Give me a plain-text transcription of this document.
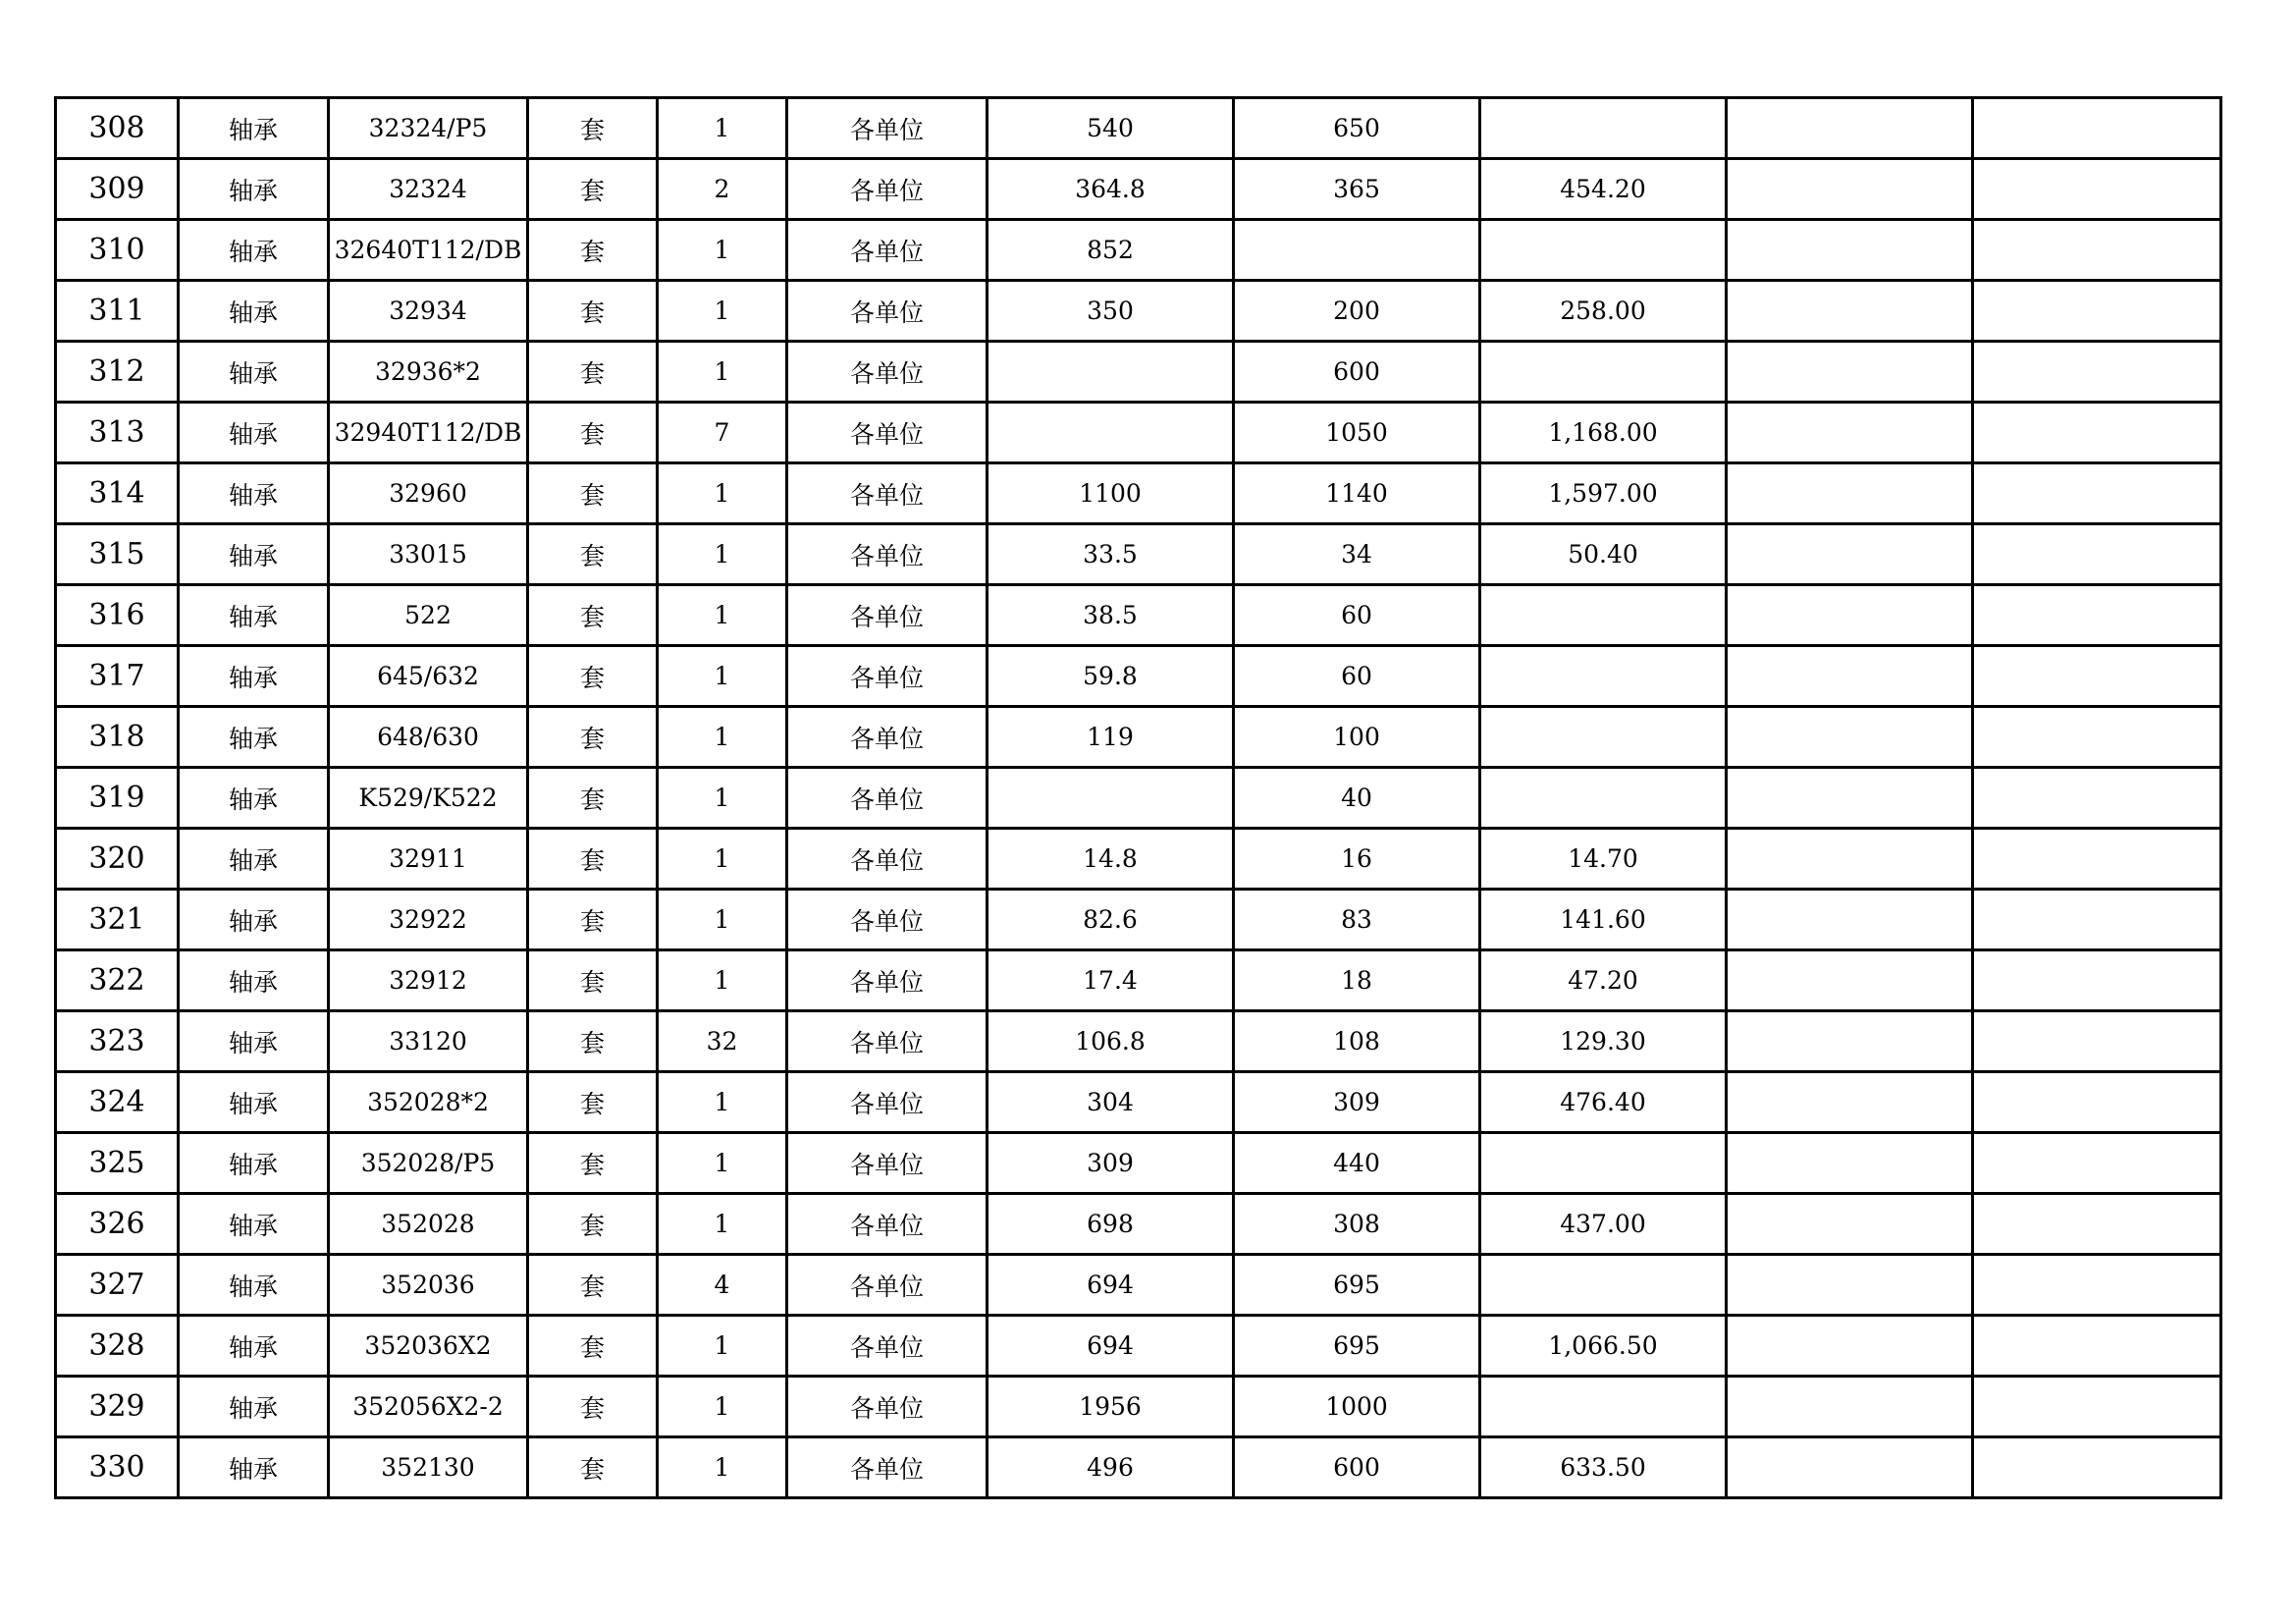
308	轴承	32324/P5	套	1	各单位	540	650			
309	轴承	32324	套	2	各单位	364.8	365	454.20		
310	轴承	32640T112/DB	套	1	各单位	852				
311	轴承	32934	套	1	各单位	350	200	258.00		
312	轴承	32936*2	套	1	各单位		600			
313	轴承	32940T112/DB	套	7	各单位		1050	1,168.00		
314	轴承	32960	套	1	各单位	1100	1140	1,597.00		
315	轴承	33015	套	1	各单位	33.5	34	50.40		
316	轴承	522	套	1	各单位	38.5	60			
317	轴承	645/632	套	1	各单位	59.8	60			
318	轴承	648/630	套	1	各单位	119	100			
319	轴承	K529/K522	套	1	各单位		40			
320	轴承	32911	套	1	各单位	14.8	16	14.70		
321	轴承	32922	套	1	各单位	82.6	83	141.60		
322	轴承	32912	套	1	各单位	17.4	18	47.20		
323	轴承	33120	套	32	各单位	106.8	108	129.30		
324	轴承	352028*2	套	1	各单位	304	309	476.40		
325	轴承	352028/P5	套	1	各单位	309	440			
326	轴承	352028	套	1	各单位	698	308	437.00		
327	轴承	352036	套	4	各单位	694	695			
328	轴承	352036X2	套	1	各单位	694	695	1,066.50		
329	轴承	352056X2-2	套	1	各单位	1956	1000			
330	轴承	352130	套	1	各单位	496	600	633.50		
